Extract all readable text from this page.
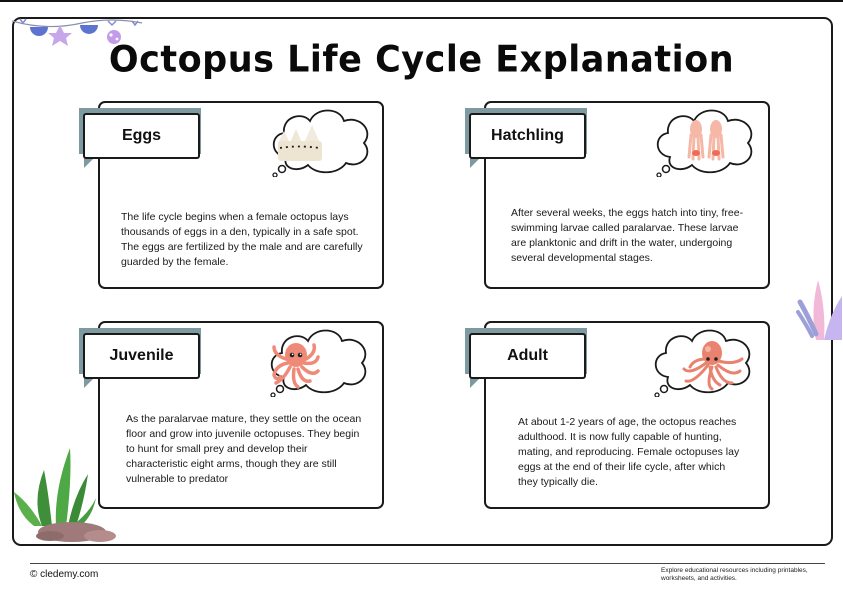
Octopus Life Cycle Explanation
Eggs
The life cycle begins when a female octopus lays thousands of eggs in a den, typically in a safe spot. The eggs are fertilized by the male and are carefully guarded by the female.
Hatchling
After several weeks, the eggs hatch into tiny, free-swimming larvae called paralarvae. These larvae are planktonic and drift in the water, undergoing several developmental stages.
Juvenile
As the paralarvae mature, they settle on the ocean floor and grow into juvenile octopuses. They begin to hunt for small prey and develop their characteristic eight arms, though they are still vulnerable to predator
Adult
At about 1-2 years of age, the octopus reaches adulthood. It is now fully capable of hunting, mating, and reproducing. Female octopuses lay eggs at the end of their life cycle, after which they typically die.
© cledemy.com	Explore educational resources including printables, worksheets, and activities.
